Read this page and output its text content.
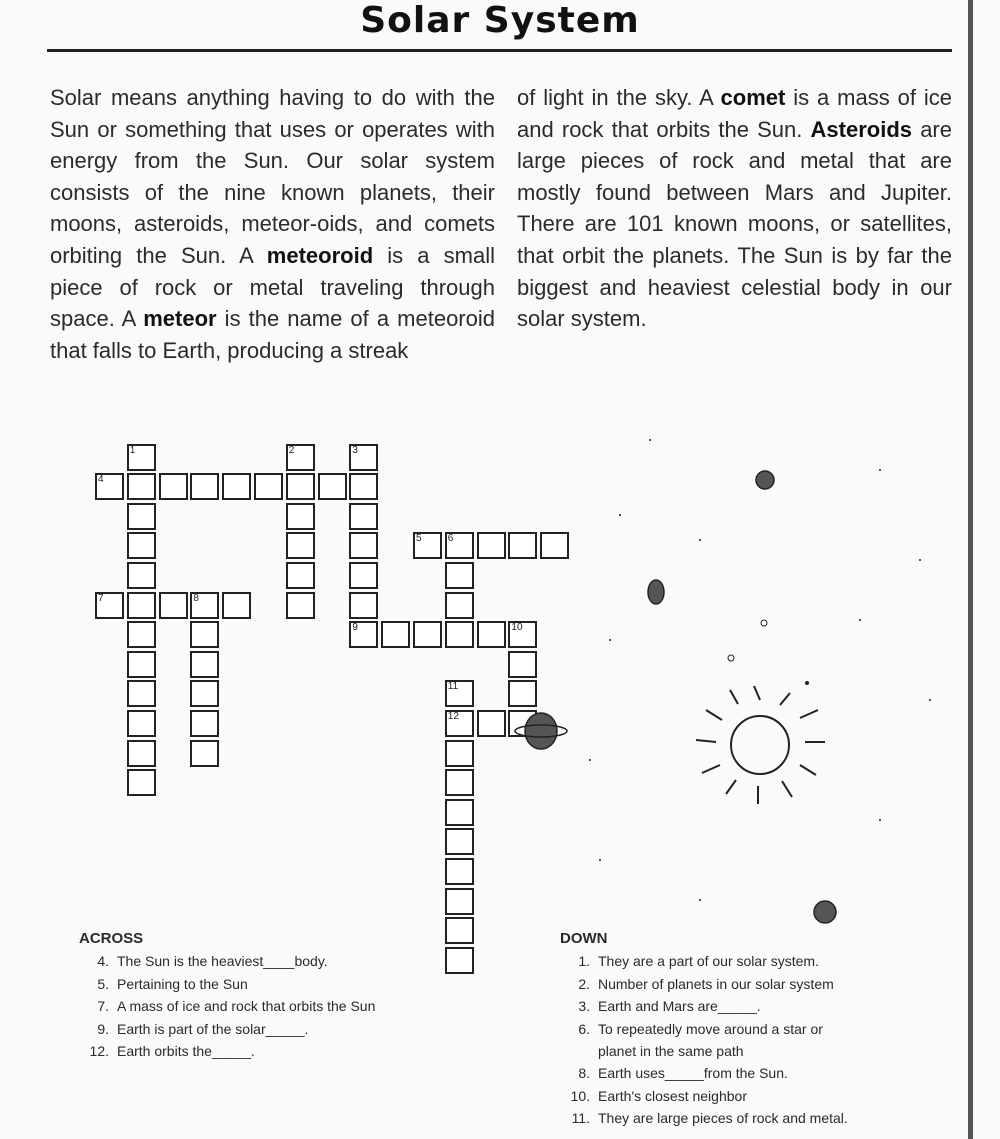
Solar System
Solar means anything having to do with the Sun or something that uses or operates with energy from the Sun. Our solar system consists of the nine known planets, their moons, asteroids, meteor-oids, and comets orbiting the Sun. A meteoroid is a small piece of rock or metal traveling through space. A meteor is the name of a meteoroid that falls to Earth, producing a streak
of light in the sky. A comet is a mass of ice and rock that orbits the Sun. Asteroids are large pieces of rock and metal that are mostly found between Mars and Jupiter. There are 101 known moons, or satellites, that orbit the planets. The Sun is by far the biggest and heaviest celestial body in our solar system.
4
5	6
7	8
9	10
12
1	2	3
11
ACROSS
4. The Sun is the heaviest____body.
5. Pertaining to the Sun
7. A mass of ice and rock that orbits the Sun
9. Earth is part of the solar_____.
12. Earth orbits the_____.
DOWN
1. They are a part of our solar system.
2. Number of planets in our solar system
3. Earth and Mars are_____.
6. To repeatedly move around a star or
planet in the same path
8. Earth uses_____from the Sun.
10. Earth's closest neighbor
11. They are large pieces of rock and metal.
